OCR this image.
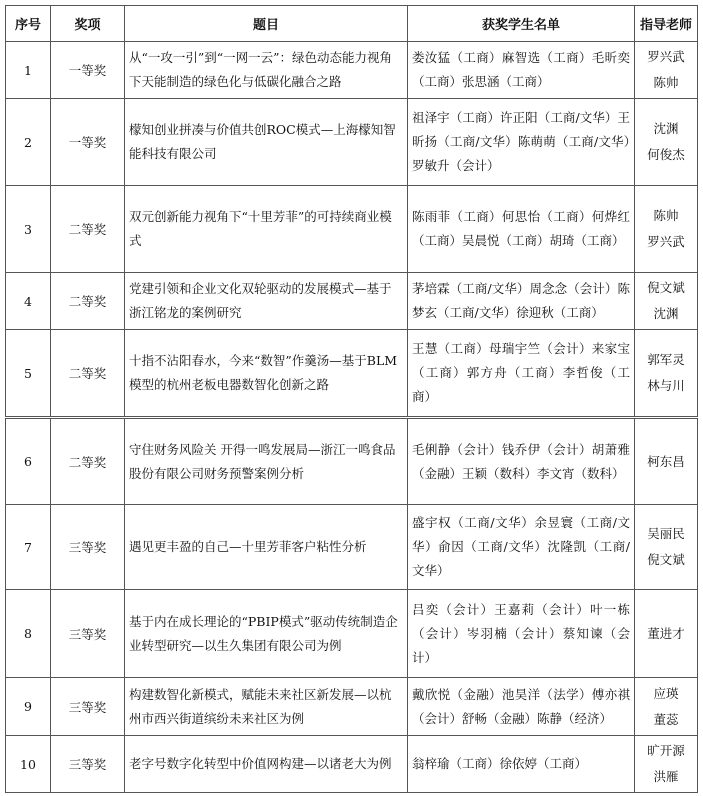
序号	奖项	题目	获奖学生名单	指导老师
1	一等奖	从“一攻一引”到“一网一云”：绿色动态能力视角下天能制造的绿色化与低碳化融合之路	娄汝猛（工商）麻智选（工商）毛昕奕（工商）张思涵（工商）	罗兴武
陈帅

2	一等奖	檬知创业拼凑与价值共创ROC模式—上海檬知智能科技有限公司	祖泽宇（工商）许正阳（工商/文华）王昕扬（工商/文华）陈萌萌（工商/文华）罗敏升（会计）	沈渊
何俊杰

3	二等奖	双元创新能力视角下“十里芳菲”的可持续商业模式	陈雨菲（工商）何思怡（工商）何烨红（工商）吴晨悦（工商）胡琦（工商）	陈帅
罗兴武

4	二等奖	党建引领和企业文化双轮驱动的发展模式—基于浙江铭龙的案例研究	茅培霖（工商/文华）周念念（会计）陈梦玄（工商/文华）徐迎秋（工商）	倪文斌
沈渊

5	二等奖	十指不沾阳春水，今来“数智”作羹汤—基于BLM模型的杭州老板电器数智化创新之路	王慧（工商）母瑞宇竺（会计）来家宝（工商）郭方舟（工商）李哲俊（工商）	郭军灵
林与川
6	二等奖	守住财务风险关 开得一鸣发展局—浙江一鸣食品股份有限公司财务预警案例分析	毛俐静（会计）钱乔伊（会计）胡萧雅（金融）王颖（数科）李文宵（数科）	柯东昌

7	三等奖	遇见更丰盈的自己—十里芳菲客户粘性分析	盛宇权（工商/文华）余昱寰（工商/文华）俞因（工商/文华）沈隆凯（工商/文华）	吴丽民
倪文斌

8	三等奖	基于内在成长理论的“PBIP模式”驱动传统制造企业转型研究—以生久集团有限公司为例	吕奕（会计）王嘉莉（会计）叶一栋（会计）岑羽楠（会计）蔡知谏（会计）	董进才

9	三等奖	构建数智化新模式，赋能未来社区新发展—以杭州市西兴街道缤纷未来社区为例	戴欣悦（金融）池昊洋（法学）傅亦祺（会计）舒畅（金融）陈静（经济）	应瑛
董蕊

10	三等奖	老字号数字化转型中价值网构建—以诸老大为例	翁梓瑜（工商）徐依婷（工商）	旷开源
洪雁
